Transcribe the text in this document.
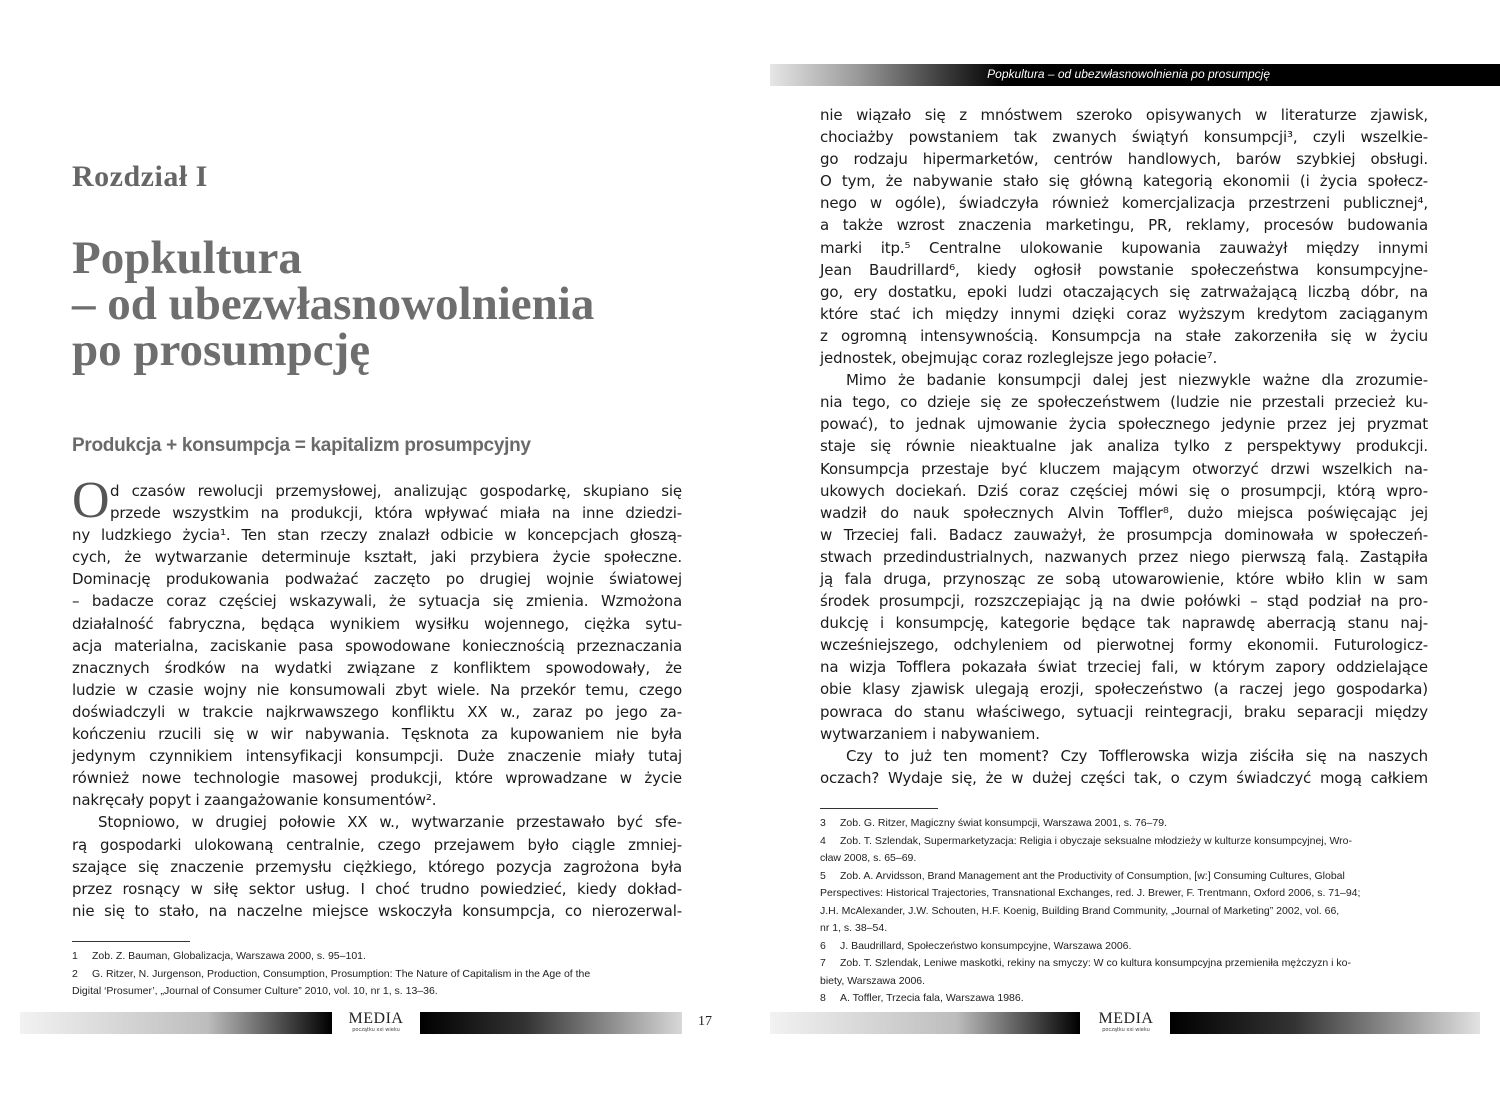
Rozdział I
Popkultura
– od ubezwłasnowolnienia
po prosumpcję
Produkcja + konsumpcja = kapitalizm prosumpcyjny
O d czasów rewolucji przemysłowej, analizując gospodarkę, skupiano się
przede wszystkim na produkcji, która wpływać miała na inne dziedzi-
ny ludzkiego życia¹. Ten stan rzeczy znalazł odbicie w koncepcjach głoszą-
cych, że wytwarzanie determinuje kształt, jaki przybiera życie społeczne.
Dominację produkowania podważać zaczęto po drugiej wojnie światowej
– badacze coraz częściej wskazywali, że sytuacja się zmienia. Wzmożona
działalność fabryczna, będąca wynikiem wysiłku wojennego, ciężka sytu-
acja materialna, zaciskanie pasa spowodowane koniecznością przeznaczania
znacznych środków na wydatki związane z konfliktem spowodowały, że
ludzie w czasie wojny nie konsumowali zbyt wiele. Na przekór temu, czego
doświadczyli w trakcie najkrwawszego konfliktu XX w., zaraz po jego za-
kończeniu rzucili się w wir nabywania. Tęsknota za kupowaniem nie była
jedynym czynnikiem intensyfikacji konsumpcji. Duże znaczenie miały tutaj
również nowe technologie masowej produkcji, które wprowadzane w życie
nakręcały popyt i zaangażowanie konsumentów².
Stopniowo, w drugiej połowie XX w., wytwarzanie przestawało być sfe-
rą gospodarki ulokowaną centralnie, czego przejawem było ciągle zmniej-
szające się znaczenie przemysłu ciężkiego, którego pozycja zagrożona była
przez rosnący w siłę sektor usług. I choć trudno powiedzieć, kiedy dokład-
nie się to stało, na naczelne miejsce wskoczyła konsumpcja, co nierozerwal-
1 Zob. Z. Bauman, Globalizacja, Warszawa 2000, s. 95–101.
2 G. Ritzer, N. Jurgenson, Production, Consumption, Prosumption: The Nature of Capitalism in the Age of the
Digital ‘Prosumer’, „Journal of Consumer Culture” 2010, vol. 10, nr 1, s. 13–36.
MEDIA
początku xxi wieku
17
Popkultura – od ubezwłasnowolnienia po prosumpcję
nie wiązało się z mnóstwem szeroko opisywanych w literaturze zjawisk,
chociażby powstaniem tak zwanych świątyń konsumpcji³, czyli wszelkie-
go rodzaju hipermarketów, centrów handlowych, barów szybkiej obsługi.
O tym, że nabywanie stało się główną kategorią ekonomii (i życia społecz-
nego w ogóle), świadczyła również komercjalizacja przestrzeni publicznej⁴,
a także wzrost znaczenia marketingu, PR, reklamy, procesów budowania
marki itp.⁵ Centralne ulokowanie kupowania zauważył między innymi
Jean Baudrillard⁶, kiedy ogłosił powstanie społeczeństwa konsumpcyjne-
go, ery dostatku, epoki ludzi otaczających się zatrważającą liczbą dóbr, na
które stać ich między innymi dzięki coraz wyższym kredytom zaciąganym
z ogromną intensywnością. Konsumpcja na stałe zakorzeniła się w życiu
jednostek, obejmując coraz rozleglejsze jego połacie⁷.
Mimo że badanie konsumpcji dalej jest niezwykle ważne dla zrozumie-
nia tego, co dzieje się ze społeczeństwem (ludzie nie przestali przecież ku-
pować), to jednak ujmowanie życia społecznego jedynie przez jej pryzmat
staje się równie nieaktualne jak analiza tylko z perspektywy produkcji.
Konsumpcja przestaje być kluczem mającym otworzyć drzwi wszelkich na-
ukowych dociekań. Dziś coraz częściej mówi się o prosumpcji, którą wpro-
wadził do nauk społecznych Alvin Toffler⁸, dużo miejsca poświęcając jej
w Trzeciej fali. Badacz zauważył, że prosumpcja dominowała w społeczeń-
stwach przedindustrialnych, nazwanych przez niego pierwszą falą. Zastąpiła
ją fala druga, przynosząc ze sobą utowarowienie, które wbiło klin w sam
środek prosumpcji, rozszczepiając ją na dwie połówki – stąd podział na pro-
dukcję i konsumpcję, kategorie będące tak naprawdę aberracją stanu naj-
wcześniejszego, odchyleniem od pierwotnej formy ekonomii. Futurologicz-
na wizja Tofflera pokazała świat trzeciej fali, w którym zapory oddzielające
obie klasy zjawisk ulegają erozji, społeczeństwo (a raczej jego gospodarka)
powraca do stanu właściwego, sytuacji reintegracji, braku separacji między
wytwarzaniem i nabywaniem.
Czy to już ten moment? Czy Tofflerowska wizja ziściła się na naszych
oczach? Wydaje się, że w dużej części tak, o czym świadczyć mogą całkiem
3 Zob. G. Ritzer, Magiczny świat konsumpcji, Warszawa 2001, s. 76–79.
4 Zob. T. Szlendak, Supermarketyzacja: Religia i obyczaje seksualne młodzieży w kulturze konsumpcyjnej, Wro-
cław 2008, s. 65–69.
5 Zob. A. Arvidsson, Brand Management ant the Productivity of Consumption, [w:] Consuming Cultures, Global
Perspectives: Historical Trajectories, Transnational Exchanges, red. J. Brewer, F. Trentmann, Oxford 2006, s. 71–94;
J.H. McAlexander, J.W. Schouten, H.F. Koenig, Building Brand Community, „Journal of Marketing” 2002, vol. 66,
nr 1, s. 38–54.
6 J. Baudrillard, Społeczeństwo konsumpcyjne, Warszawa 2006.
7 Zob. T. Szlendak, Leniwe maskotki, rekiny na smyczy: W co kultura konsumpcyjna przemieniła mężczyzn i ko-
biety, Warszawa 2006.
8 A. Toffler, Trzecia fala, Warszawa 1986.
MEDIA
początku xxi wieku
